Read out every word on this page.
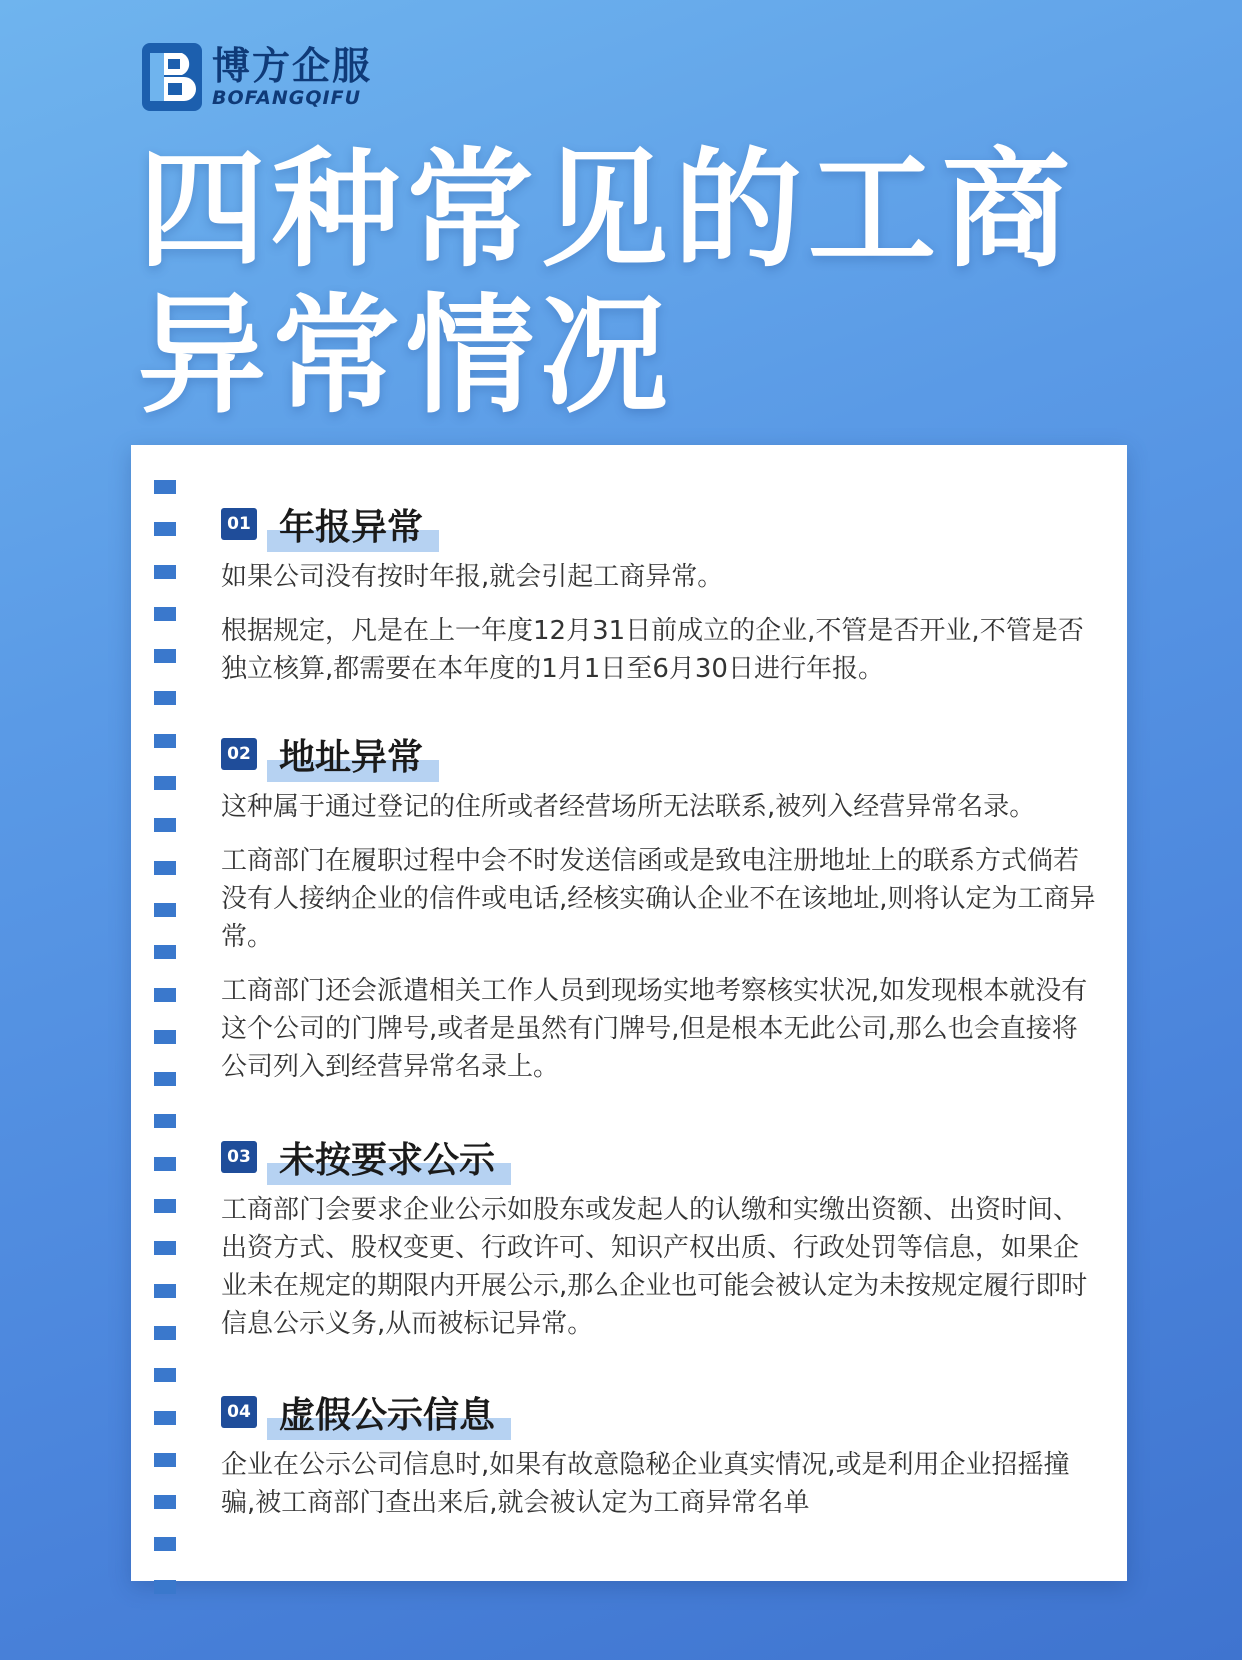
博方企服
BOFANGQIFU
四种常见的工商
异常情况
01 年报异常

如果公司没有按时年报,就会引起工商异常。

根据规定，凡是在上一年度12月31日前成立的企业,不管是否开业,不管是否独立核算,都需要在本年度的1月1日至6月30日进行年报。

02 地址异常

这种属于通过登记的住所或者经营场所无法联系,被列入经营异常名录。

工商部门在履职过程中会不时发送信函或是致电注册地址上的联系方式倘若没有人接纳企业的信件或电话,经核实确认企业不在该地址,则将认定为工商异常。

工商部门还会派遣相关工作人员到现场实地考察核实状况,如发现根本就没有这个公司的门牌号,或者是虽然有门牌号,但是根本无此公司,那么也会直接将公司列入到经营异常名录上。

03 未按要求公示

工商部门会要求企业公示如股东或发起人的认缴和实缴出资额、出资时间、出资方式、股权变更、行政许可、知识产权出质、行政处罚等信息，如果企业未在规定的期限内开展公示,那么企业也可能会被认定为未按规定履行即时信息公示义务,从而被标记异常。

04 虚假公示信息

企业在公示公司信息时,如果有故意隐秘企业真实情况,或是利用企业招摇撞骗,被工商部门查出来后,就会被认定为工商异常名单
